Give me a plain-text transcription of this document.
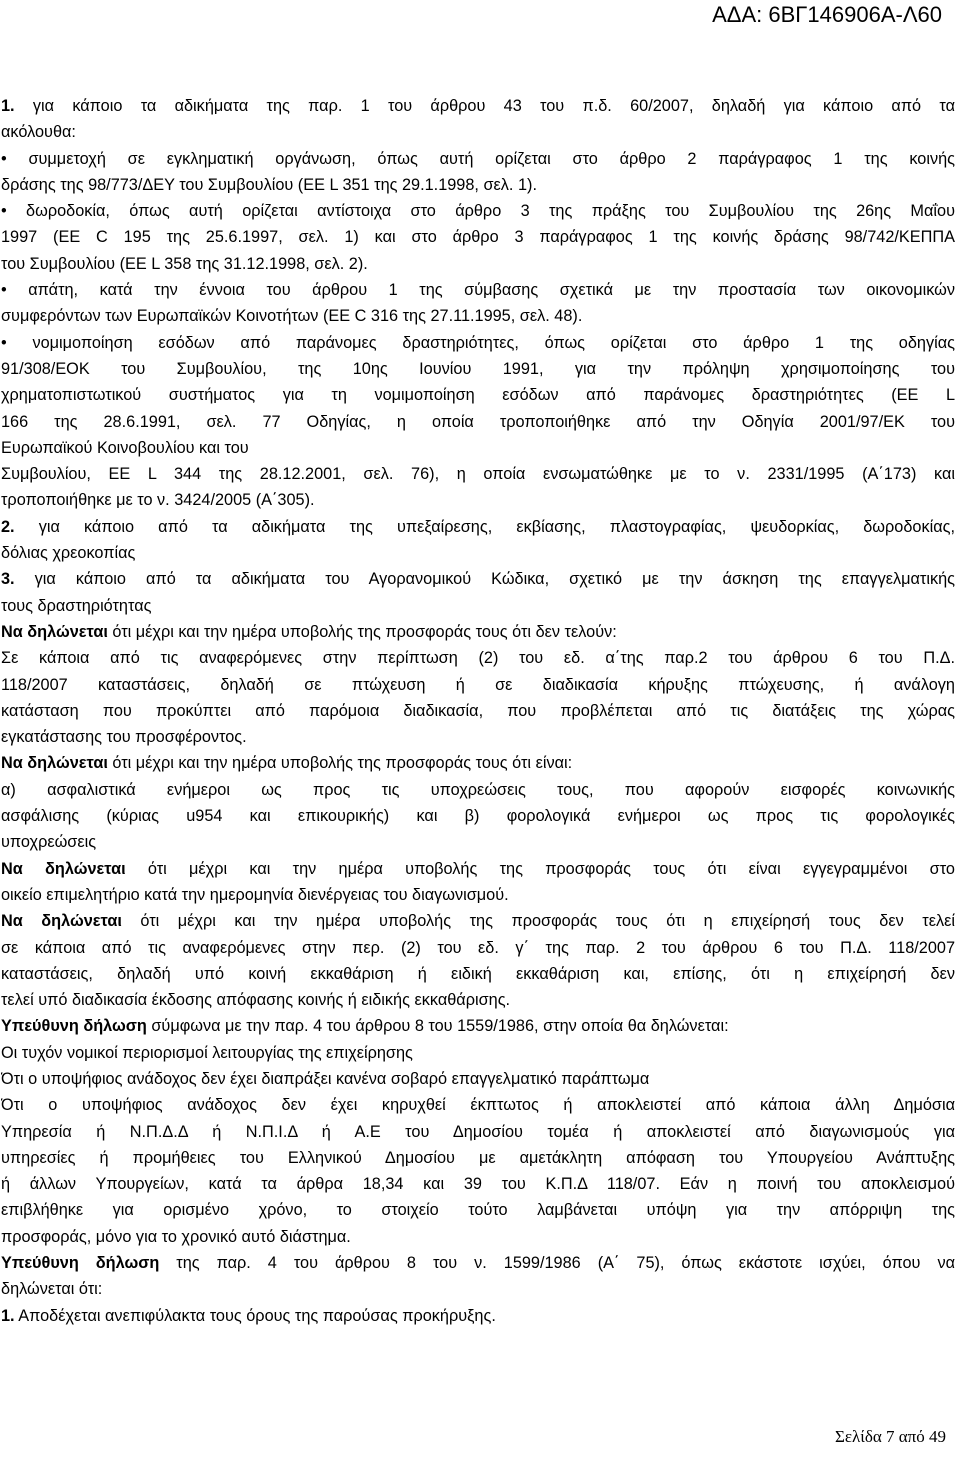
ΑΔΑ: 6ΒΓ146906Α-Λ60
1. για κάποιο τα αδικήματα της παρ. 1 του άρθρου 43 του π.δ. 60/2007, δηλαδή για κάποιο από τα
ακόλουθα:
• συμμετοχή σε εγκληματική οργάνωση, όπως αυτή ορίζεται στο άρθρο 2 παράγραφος 1 της κοινής
δράσης της 98/773/ΔΕΥ του Συμβουλίου (ΕΕ L 351 της 29.1.1998, σελ. 1).
• δωροδοκία, όπως αυτή ορίζεται αντίστοιχα στο άρθρο 3 της πράξης του Συμβουλίου της 26ης Μαΐου
1997 (ΕΕ C 195 της 25.6.1997, σελ. 1) και στο άρθρο 3 παράγραφος 1 της κοινής δράσης 98/742/ΚΕΠΠΑ
του Συμβουλίου (ΕΕ L 358 της 31.12.1998, σελ. 2).
• απάτη, κατά την έννοια του άρθρου 1 της σύμβασης σχετικά με την προστασία των οικονομικών
συμφερόντων των Ευρωπαϊκών Κοινοτήτων (ΕΕ C 316 της 27.11.1995, σελ. 48).
• νομιμοποίηση εσόδων από παράνομες δραστηριότητες, όπως ορίζεται στο άρθρο 1 της οδηγίας
91/308/ΕΟΚ του Συμβουλίου, της 10ης Ιουνίου 1991, για την πρόληψη χρησιμοποίησης του
χρηματοπιστωτικού συστήματος για τη νομιμοποίηση εσόδων από παράνομες δραστηριότητες (ΕΕ L
166 της 28.6.1991, σελ. 77 Οδηγίας, η οποία τροποποιήθηκε από την Οδηγία 2001/97/ΕΚ του
Ευρωπαϊκού Κοινοβουλίου και του
Συμβουλίου, ΕΕ L 344 της 28.12.2001, σελ. 76), η οποία ενσωματώθηκε με το ν. 2331/1995 (Α΄173) και
τροποποιήθηκε με το ν. 3424/2005 (Α΄305).
2. για κάποιο από τα αδικήματα της υπεξαίρεσης, εκβίασης, πλαστογραφίας, ψευδορκίας, δωροδοκίας,
δόλιας χρεοκοπίας
3. για κάποιο από τα αδικήματα του Αγορανομικού Κώδικα, σχετικό με την άσκηση της επαγγελματικής
τους δραστηριότητας
Να δηλώνεται ότι μέχρι και την ημέρα υποβολής της προσφοράς τους ότι δεν τελούν:
Σε κάποια από τις αναφερόμενες στην περίπτωση (2) του εδ. α΄της παρ.2 του άρθρου 6 του Π.Δ.
118/2007 καταστάσεις, δηλαδή σε πτώχευση ή σε διαδικασία κήρυξης πτώχευσης, ή ανάλογη
κατάσταση που προκύπτει από παρόμοια διαδικασία, που προβλέπεται από τις διατάξεις της χώρας
εγκατάστασης του προσφέροντος.
Να δηλώνεται ότι μέχρι και την ημέρα υποβολής της προσφοράς τους ότι είναι:
α) ασφαλιστικά ενήμεροι ως προς τις υποχρεώσεις τους, που αφορούν εισφορές κοινωνικής
ασφάλισης (κύριας u954 και επικουρικής) και β) φορολογικά ενήμεροι ως προς τις φορολογικές
υποχρεώσεις
Να δηλώνεται ότι μέχρι και την ημέρα υποβολής της προσφοράς τους ότι είναι εγγεγραμμένοι στο
οικείο επιμελητήριο κατά την ημερομηνία διενέργειας του διαγωνισμού.
Να δηλώνεται ότι μέχρι και την ημέρα υποβολής της προσφοράς τους ότι η επιχείρησή τους δεν τελεί
σε κάποια από τις αναφερόμενες στην περ. (2) του εδ. γ΄ της παρ. 2 του άρθρου 6 του Π.Δ. 118/2007
καταστάσεις, δηλαδή υπό κοινή εκκαθάριση ή ειδική εκκαθάριση και, επίσης, ότι η επιχείρησή δεν
τελεί υπό διαδικασία έκδοσης απόφασης κοινής ή ειδικής εκκαθάρισης.
Υπεύθυνη δήλωση σύμφωνα με την παρ. 4 του άρθρου 8 του 1559/1986, στην οποία θα δηλώνεται:
Οι τυχόν νομικοί περιορισμοί λειτουργίας της επιχείρησης
Ότι ο υποψήφιος ανάδοχος δεν έχει διαπράξει κανένα σοβαρό επαγγελματικό παράπτωμα
Ότι ο υποψήφιος ανάδοχος δεν έχει κηρυχθεί έκπτωτος ή αποκλειστεί από κάποια άλλη Δημόσια
Υπηρεσία ή Ν.Π.Δ.Δ ή Ν.Π.Ι.Δ ή Α.Ε του Δημοσίου τομέα ή αποκλειστεί από διαγωνισμούς για
υπηρεσίες ή προμήθειες του Ελληνικού Δημοσίου με αμετάκλητη απόφαση του Υπουργείου Ανάπτυξης
ή άλλων Υπουργείων, κατά τα άρθρα 18,34 και 39 του Κ.Π.Δ 118/07. Εάν η ποινή του αποκλεισμού
επιβλήθηκε για ορισμένο χρόνο, το στοιχείο τούτο λαμβάνεται υπόψη για την απόρριψη της
προσφοράς, μόνο για το χρονικό αυτό διάστημα.
Υπεύθυνη δήλωση της παρ. 4 του άρθρου 8 του ν. 1599/1986 (Α΄ 75), όπως εκάστοτε ισχύει, όπου να
δηλώνεται ότι:
1. Αποδέχεται ανεπιφύλακτα τους όρους της παρούσας προκήρυξης.
Σελίδα 7 από 49
